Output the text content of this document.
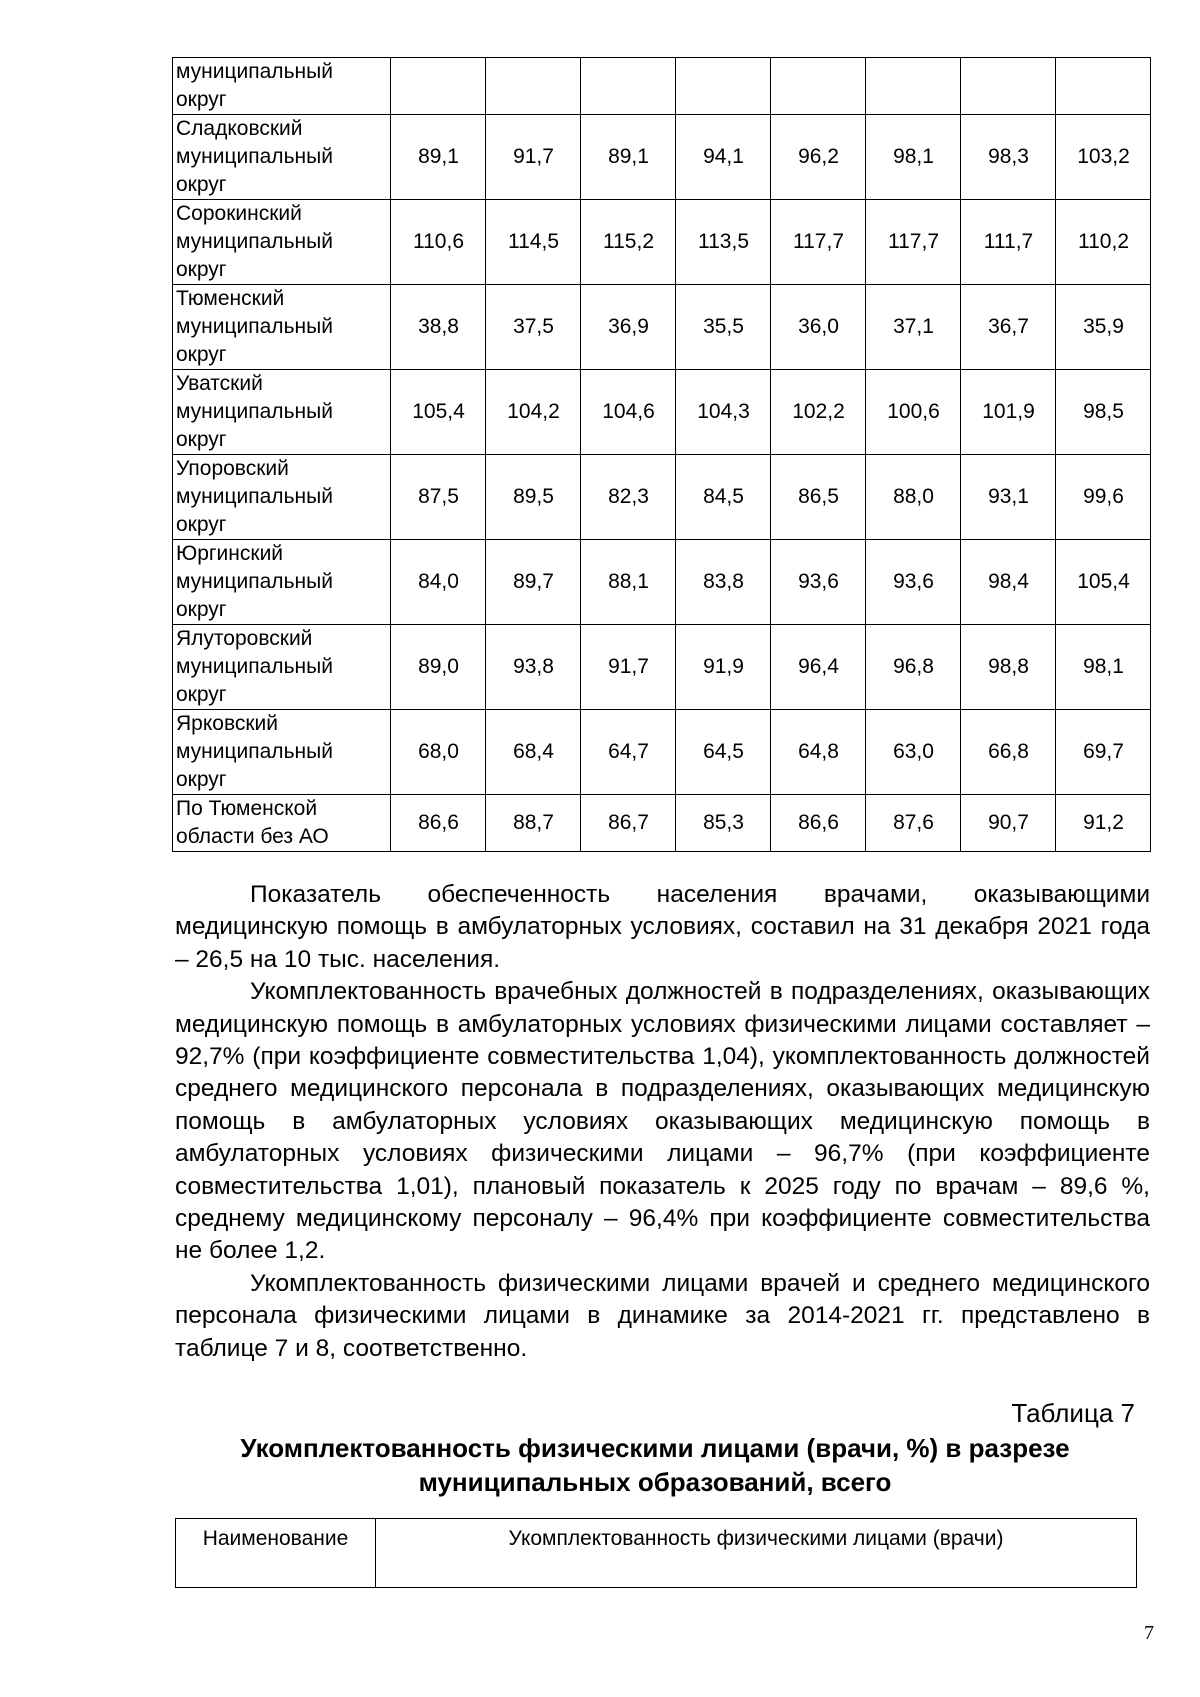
муниципальный
округ								
Сладковский муниципальный округ	89,1	91,7	89,1	94,1	96,2	98,1	98,3	103,2
Сорокинский муниципальный округ	110,6	114,5	115,2	113,5	117,7	117,7	111,7	110,2
Тюменский муниципальный округ	38,8	37,5	36,9	35,5	36,0	37,1	36,7	35,9
Уватский муниципальный округ	105,4	104,2	104,6	104,3	102,2	100,6	101,9	98,5
Упоровский муниципальный округ	87,5	89,5	82,3	84,5	86,5	88,0	93,1	99,6
Юргинский муниципальный округ	84,0	89,7	88,1	83,8	93,6	93,6	98,4	105,4
Ялуторовский муниципальный округ	89,0	93,8	91,7	91,9	96,4	96,8	98,8	98,1
Ярковский муниципальный округ	68,0	68,4	64,7	64,5	64,8	63,0	66,8	69,7
По Тюменской области без АО	86,6	88,7	86,7	85,3	86,6	87,6	90,7	91,2

Показатель обеспеченность населения врачами, оказывающими медицинскую помощь в амбулаторных условиях, составил на 31 декабря 2021 года – 26,5 на 10 тыс. населения.

Укомплектованность врачебных должностей в подразделениях, оказывающих медицинскую помощь в амбулаторных условиях физическими лицами составляет –92,7% (при коэффициенте совместительства 1,04), укомплектованность должностей среднего медицинского персонала в подразделениях, оказывающих медицинскую помощь в амбулаторных условиях оказывающих медицинскую помощь в амбулаторных условиях физическими лицами – 96,7% (при коэффициенте совместительства 1,01), плановый показатель к 2025 году по врачам – 89,6 %, среднему медицинскому персоналу – 96,4% при коэффициенте совместительства не более 1,2.

Укомплектованность физическими лицами врачей и среднего медицинского персонала физическими лицами в динамике за 2014-2021 гг. представлено в таблице 7 и 8, соответственно.

Таблица 7
Укомплектованность физическими лицами (врачи, %) в разрезе муниципальных образований, всего
Наименование	Укомплектованность физическими лицами (врачи)
7
